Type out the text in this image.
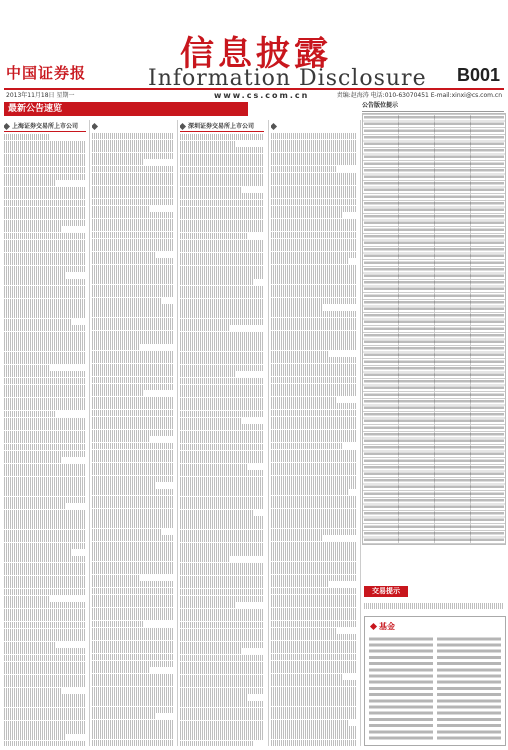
中国证券报	信息披露
Information Disclosure B001
2013年11月18日 星期一	www.cs.com.cn	责编:赵海涛 电话:010-63070451 E-mail:xinxi@cs.com.cn
最新公告速览
上海证券交易所上市公司	深圳证券交易所上市公司
公告版位提示
交易提示
基金
